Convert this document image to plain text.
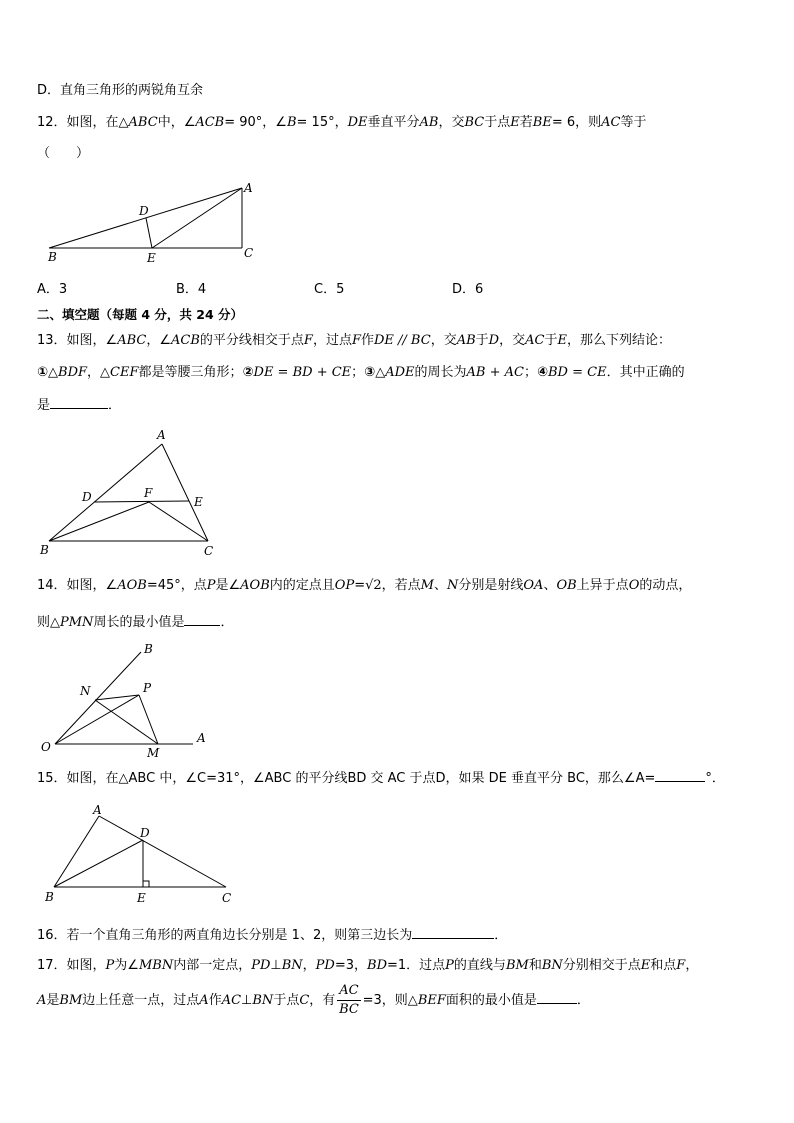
D．直角三角形的两锐角互余
12．如图，在△ABC中，∠ACB= 90°，∠B= 15°，DE垂直平分AB，交BC于点E若BE= 6，则AC等于
（　　）
A
B	C
D
E
A．3	B．4	C．5	D．6
二、填空题（每题 4 分，共 24 分）
13．如图，∠ABC，∠ACB的平分线相交于点F，过点F作DE // BC，交AB于D，交AC于E，那么下列结论：
①△BDF，△CEF都是等腰三角形；②DE = BD + CE；③△ADE的周长为AB + AC；④BD = CE．其中正确的
是	．
A
B	C
D	E
F
14．如图，∠AOB=45°，点P是∠AOB内的定点且OP=√2，若点M、N分别是射线OA、OB上异于点O的动点，
则△PMN周长的最小值是	．
O
A
B
N	P
M
15．如图，在△ABC 中，∠C=31°，∠ABC 的平分线BD 交 AC 于点D，如果 DE 垂直平分 BC，那么∠A=	°．
A
B	C
D
E
16．若一个直角三角形的两直角边长分别是 1、2，则第三边长为	．
17．如图，P为∠MBN内部一定点，PD⊥BN，PD=3，BD=1．过点P的直线与BM和BN分别相交于点E和点F，
A是BM边上任意一点，过点A作AC⊥BN于点C，有 $\frac{AC}{BC} =3$，则△BEF面积的最小值是	．
